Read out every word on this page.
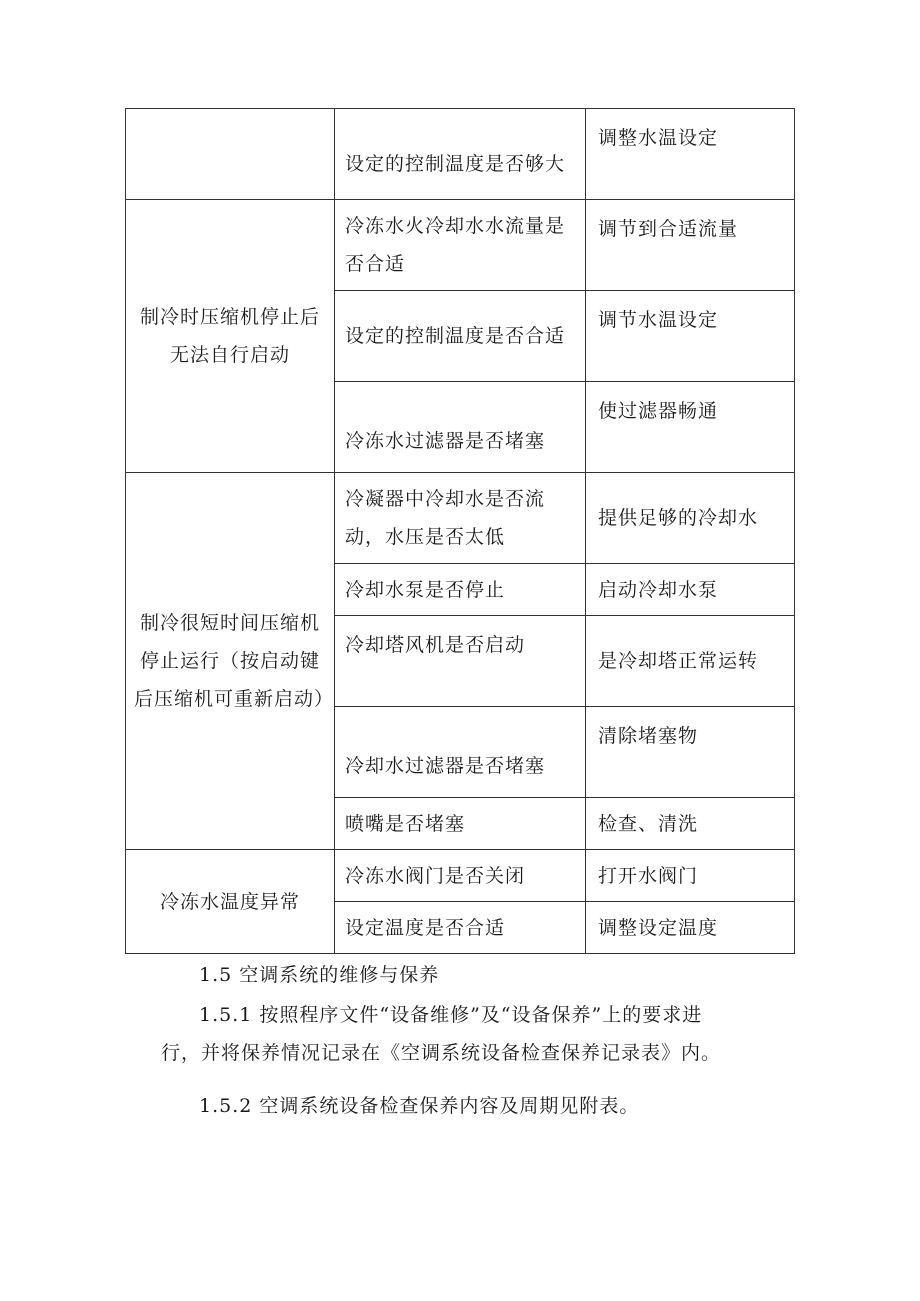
	设定的控制温度是否够大	调整水温设定
制冷时压缩机停止后无法自行启动	冷冻水火冷却水水流量是否合适	调节到合适流量
	设定的控制温度是否合适	调节水温设定
	冷冻水过滤器是否堵塞	使过滤器畅通
制冷很短时间压缩机停止运行（按启动键后压缩机可重新启动）	冷凝器中冷却水是否流动，水压是否太低	提供足够的冷却水
	冷却水泵是否停止	启动冷却水泵
	冷却塔风机是否启动	是冷却塔正常运转
	冷却水过滤器是否堵塞	清除堵塞物
	喷嘴是否堵塞	检查、清洗
冷冻水温度异常	冷冻水阀门是否关闭	打开水阀门
	设定温度是否合适	调整设定温度

1.5 空调系统的维修与保养

1.5.1 按照程序文件“设备维修”及“设备保养”上的要求进
行，并将保养情况记录在《空调系统设备检查保养记录表》内。

1.5.2 空调系统设备检查保养内容及周期见附表。
